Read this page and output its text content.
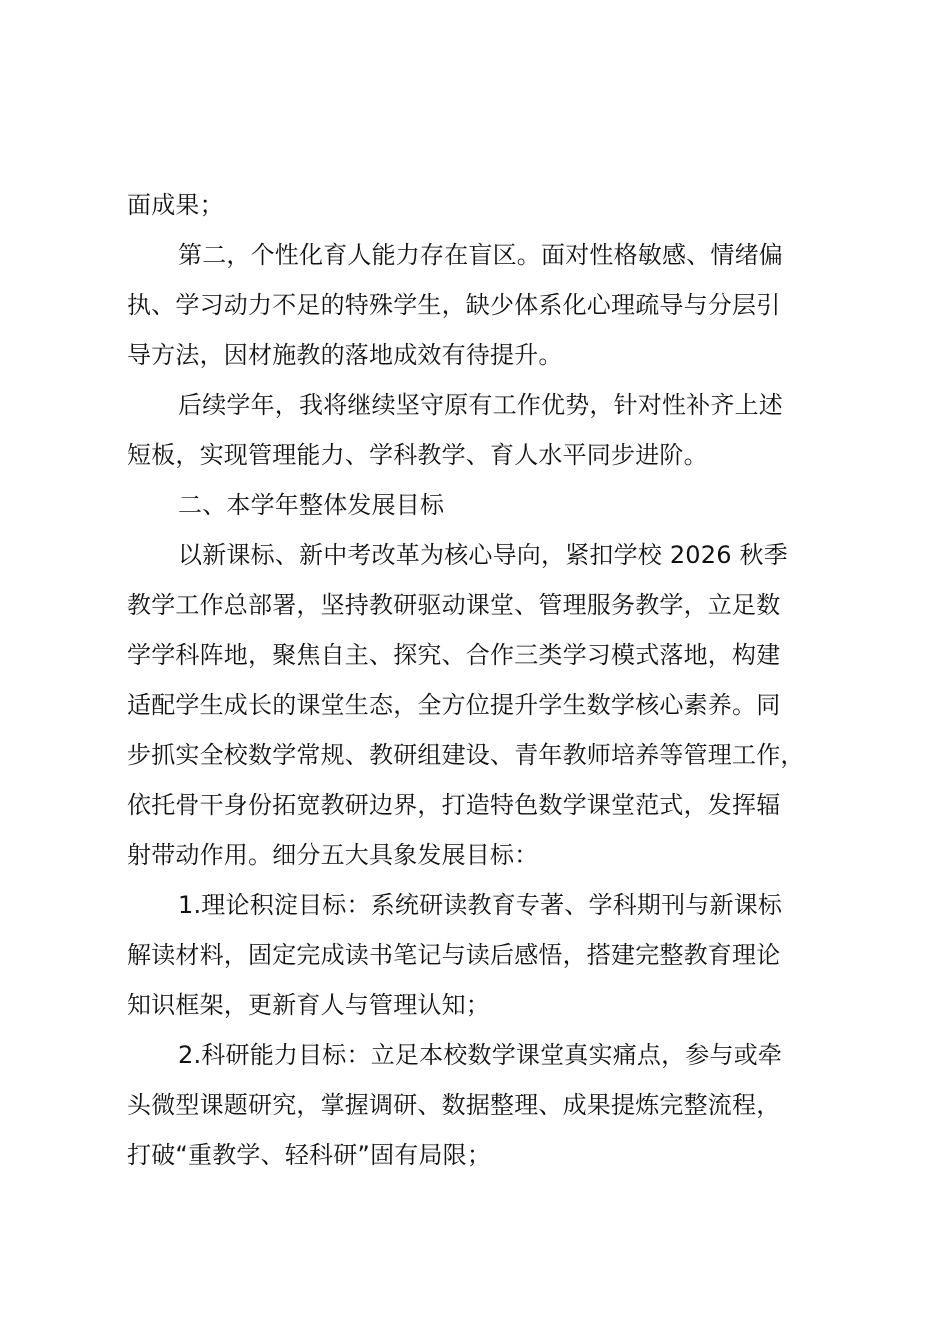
面成果；
第二，个性化育人能力存在盲区。面对性格敏感、情绪偏
执、学习动力不足的特殊学生，缺少体系化心理疏导与分层引
导方法，因材施教的落地成效有待提升。
后续学年，我将继续坚守原有工作优势，针对性补齐上述
短板，实现管理能力、学科教学、育人水平同步进阶。
二、本学年整体发展目标
以新课标、新中考改革为核心导向，紧扣学校 2026 秋季
教学工作总部署，坚持教研驱动课堂、管理服务教学，立足数
学学科阵地，聚焦自主、探究、合作三类学习模式落地，构建
适配学生成长的课堂生态，全方位提升学生数学核心素养。同
步抓实全校数学常规、教研组建设、青年教师培养等管理工作，
依托骨干身份拓宽教研边界，打造特色数学课堂范式，发挥辐
射带动作用。细分五大具象发展目标：
1.理论积淀目标：系统研读教育专著、学科期刊与新课标
解读材料，固定完成读书笔记与读后感悟，搭建完整教育理论
知识框架，更新育人与管理认知；
2.科研能力目标：立足本校数学课堂真实痛点，参与或牵
头微型课题研究，掌握调研、数据整理、成果提炼完整流程，
打破“重教学、轻科研”固有局限；
